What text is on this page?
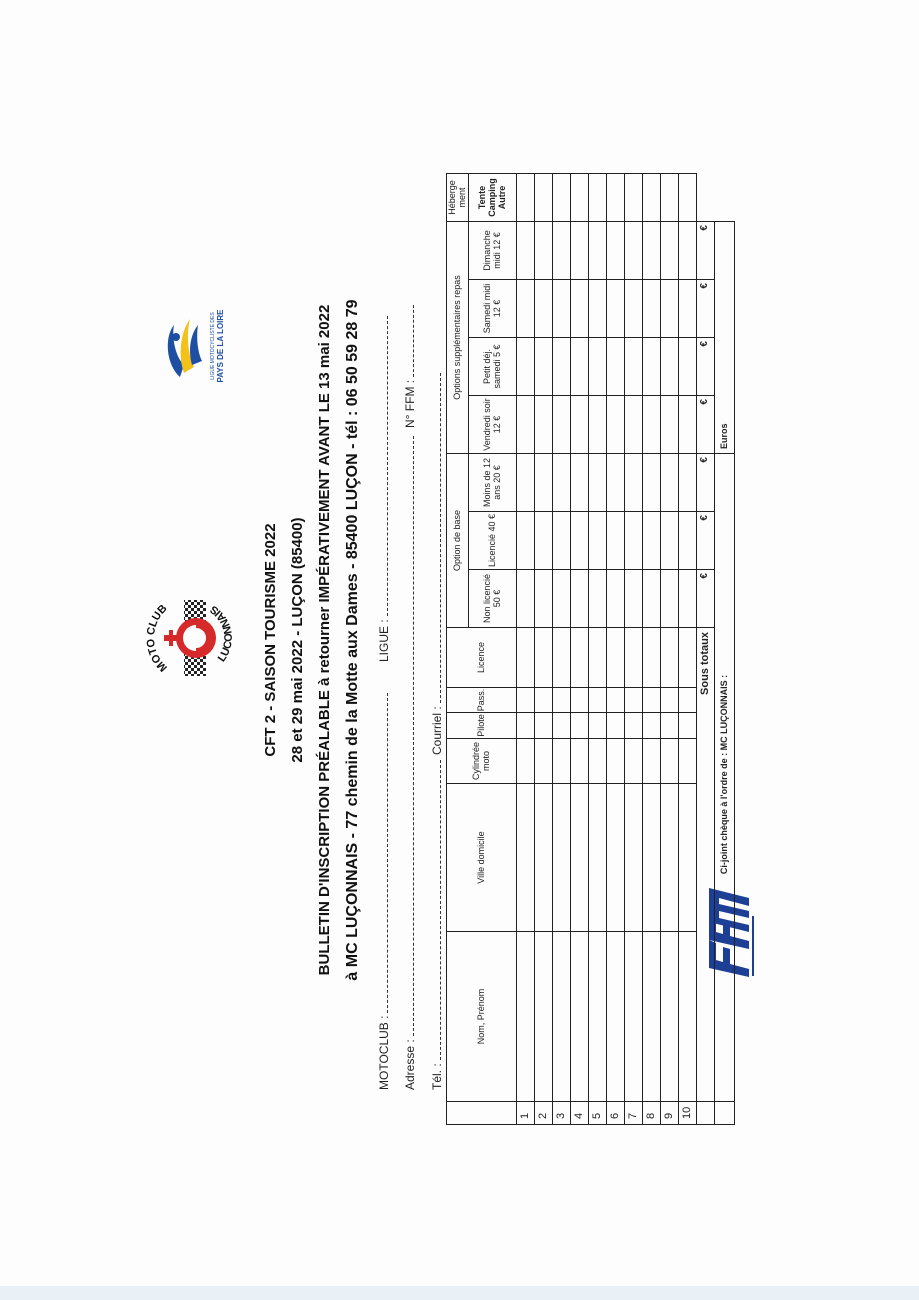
MOTO CLUB
LUCONNAIS
LIGUE MOTOCYCLISTE DES PAYS DE LA LOIRE
CFT 2 - SAISON TOURISME 2022 28 et 29 mai 2022 - LUÇON (85400) BULLETIN D'INSCRIPTION PRÉALABLE à retourner IMPÉRATIVEMENT AVANT LE 13 mai 2022 à MC LUÇONNAIS - 77 chemin de la Motte aux Dames - 85400 LUÇON - tél : 06 50 59 28 79
MOTOCLUB :
LIGUE :
Adresse :
N° FFM :
Tél. :
Courriel :
	Nom, Prénom	Ville domicile	Cylindrée moto	Pilote	Pass.	Licence	Option de base			Options supplémentaires repas				Héberge ment
							Non licencié 50 €	Licencié 40 €	Moins de 12 ans 20 €	Vendredi soir 12 €	Petit déj. samedi 5 €	Samedi midi 12 €	Dimanche midi 12 €	Tente Camping Autre
1														
2														
3														
4														
5														
6														
7														
8														
9														
10														
	Sous totaux						€	€	€	€	€	€	€	
	Ci-joint chèque à l'ordre de : MC LUÇONNAIS :									Euros				
